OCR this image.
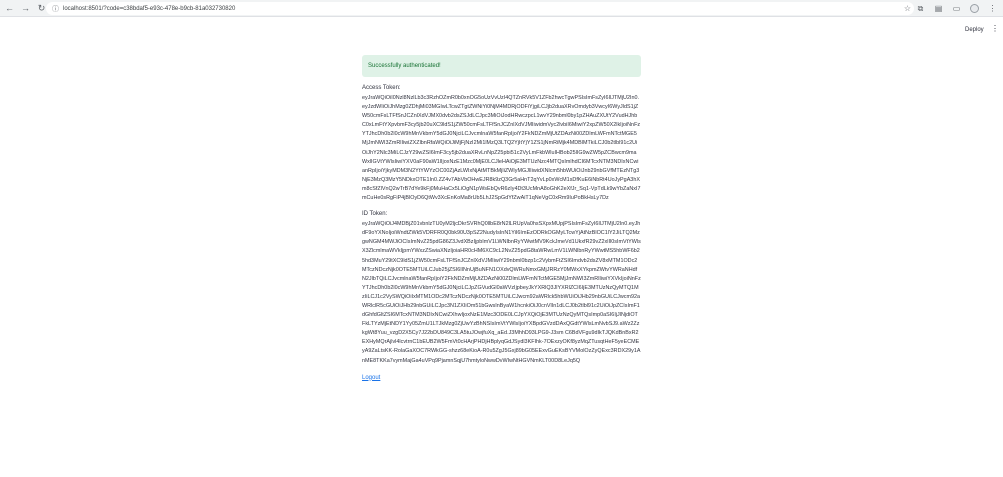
← → ↻ ⓘ localhost:8501/?code=c38bdaf5-e93c-478e-b9cb-81a032730820	☆ ⧉ ▤ ▭	⋮
Deploy ⋮
Successfully authenticated!
Access Token:
eyJraWQiOiI0Nzl8NzlLb3c3RzhOZmR0b0xnOG5oUzVvUzI4QTZnRVk5V1ZFb2hwcTgwPSIsImFsZyI6IlJTMjU2In0.eyJzdWIiOiJhMzg0ZDhjMi03MGIwLTcwZTgtZWNiYi0NjM4MDRjODFiYjgiLCJjb2duaXRvOmdyb3VwcyI6WyJldS1jZW50cmFsLTFfSnJCZnlXdVJMX0dvb2dsZSJdLCJpc3MiOiJodHRwczpcL1wvY29nbml0by1pZHAuZXUtY2VudHJhbC0xLmFtYXpvbmF3cy5jb20uXC9ldS1jZW50cmFsLTFfSnJCZnlXdVJMIiwidmVyc2lvbiI6MiwiY2xpZW50X2lkIjoiNnFzYTJhcDh0b2l0cW9hMnVkbmY5dGJ0NjciLCJvcmlnaW5fanRpIjoiY2FkNDZmMjUtZDAzNi00ZDlmLWFmNTctMGE5MjJmNWI3ZmRlIiwiZXZlbnRfaWQiOiJiMjFjNzI2Mi1lMzQ3LTQ2YjItYjY1ZS1jNmRiMjk4MDBlMTkiLCJ0b2tlbl91c2UiOiJhY2Nlc3MiLCJzY29wZSI6ImF3cy5jb2duaXRvLnNpZ25pbi51c2VyLmFkbWluIHBob25lIG9wZW5pZCBwcm9maWxlIGVtYWlsIiwiYXV0aF90aW1lIjoxNzE1Mzc0MjE0LCJleHAiOjE3MTUzNzc4MTQsImlhdCI6MTcxNTM3NDIxNCwianRpIjoiYjkyMDM3N2YtYWYzOC00ZjAzLWIxNjAtMTBkMjliZWIyMGJlIiwidXNlcm5hbWUiOiJnb29nbGVfMTEzNTg3NjE3MzQ3MzY5NDkxOTE1In0.ZZ4v7AbVbOHwEJR8k9zQ3Gr5aHnT2qYvLp0xWcM1sDfKuE6iNbRt4UoJyPgA3hXm8cSfZlVnQ2wTrB7dYe9kFj0MuHaCx5LiOgN1pWsEbQvR6zIy4Dt3UcMnA8oGhK2eXfJr_Sq1-VpTdLk9wYbZaNxI7mCuHe0sRgFiP4jBlOyD6QtWv3XcEnKoMa8rUb5LhJ2SpGdYfZwAiT1qNeVgC0xRm9IuPoBkHsLy7Dz
ID Token:
eyJraWQiOiJ4MDBjZ01vbnlzTU0yM2ljcDkrSVRhQ0llbE8rN2lLRUpVa0hsSXpxMUpjPSIsImFsZyI6IlJTMjU2In0.eyJhdF9oYXNoIjoiWndtZWk5VDRFR0Q0bk90U3pSZ2NudyIsInN1YiI6ImEzODRkOGMyLTcwYjAtNzBlOC1lY2JiLTQ2MzgwNGM4MWJiOCIsImNvZ25pdG86Z3JvdXBzIjpbImV1LWNlbnRyYWwtMV9KckJmeVd1UkxfR29vZ2xlIl0sImVtYWlsX3ZlcmlmaWVkIjpmYWxzZSwiaXNzIjoiaHR0cHM6XC9cL2NvZ25pdG8taWRwLmV1LWNlbnRyYWwtMS5hbWF6b25hd3MuY29tXC9ldS1jZW50cmFsLTFfSnJCZnlXdVJMIiwiY29nbml0bzp1c2VybmFtZSI6Imdvb2dsZV8xMTM1ODc2MTczNDczNjk0OTE5MTUiLCJub25jZSI6IlNnUjBuNFN1OXdvQWRuNmxGMjJRRzY0MWxXYkpmZWtvYWRaNHdfN2JlbTQiLCJvcmlnaW5fanRpIjoiY2FkNDZmMjUtZDAzNi00ZDlmLWFmNTctMGE5MjJmNWI3ZmRlIiwiYXVkIjoiNnFzYTJhcDh0b2l0cW9hMnVkbmY5dGJ0NjciLCJpZGVudGl0aWVzIjpbeyJkYXRlQ3JlYXRlZCI6IjE3MTUzNzQyMTQ1MzIiLCJ1c2VySWQiOiIxMTM1ODc2MTczNDczNjk0OTE5MTUiLCJwcm92aWRlck5hbWUiOiJHb29nbGUiLCJwcm92aWRlclR5cGUiOiJHb29nbGUiLCJpc3N1ZXIiOm51bGwsInByaW1hcnkiOiJ0cnVlIn1dLCJ0b2tlbl91c2UiOiJpZCIsImF1dGhfdGltZSI6MTcxNTM3NDIxNCwiZXhwIjoxNzE1Mzc3ODE0LCJpYXQiOjE3MTUzNzQyMTQsImp0aSI6IjJlNjdiOTFkLTYzMjEtNDY1Yy05ZmU1LTJkMzg0ZjUwYzBhNSIsImVtYWlsIjoiYXBpdGVzdDAxQGdtYWlsLmNvbSJ9.aWz2ZzkgWt8Yuu_vzgD2X5Cy7J22bDU849C3LA5tuJOwjfuXq_aEd.J3MhhD93LPG9-J3sm C6BdVFgu9dIkTJQKdBnBxR2EXHyMQrAjlvl4lcvtrnC1bEUB2W5FmVt0cHArjPHDjHBplyqGdJSydl3KFIhk-7OExzyOKf8yzMqZTusqtHeF5yeECMEyA9ZaLtsKK-RolaGaXOC7RWkGG-shzz68eKioA-R0u5ZgJ5Gxj89bG05EExvGuEKsBYVMolOzZyQExc3RDX29y1AnME8TKKa7vymMajGa4uVPq9PjamnSqjU7hmtyloNwwDvWIwNtHGVNmKLT00D8LeJq5Q
Logout
